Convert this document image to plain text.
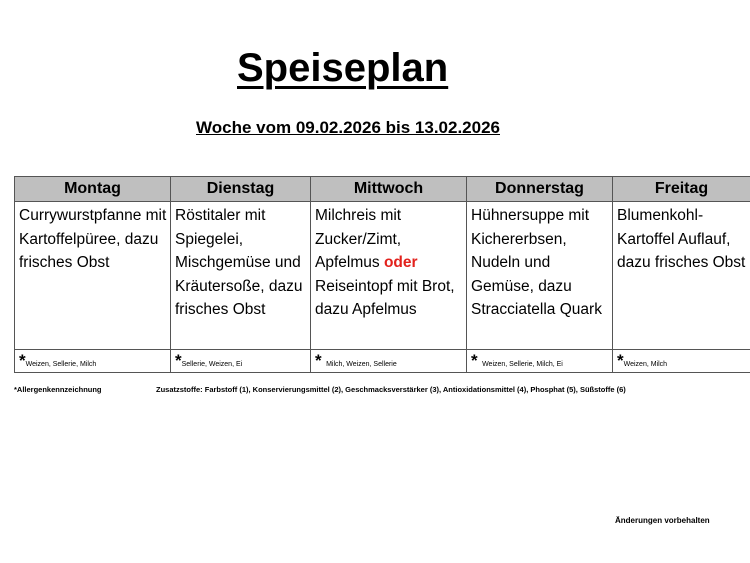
Speiseplan
Woche vom 09.02.2026 bis 13.02.2026
Montag	Dienstag	Mittwoch	Donnerstag	Freitag
Currywurstpfanne mit Kartoffelpüree, dazu frisches Obst	Röstitaler mit Spiegelei, Mischgemüse und Kräutersoße, dazu frisches Obst	Milchreis mit Zucker/Zimt, Apfelmus oder Reiseintopf mit Brot, dazu Apfelmus	Hühnersuppe mit Kichererbsen, Nudeln und Gemüse, dazu Stracciatella Quark	Blumenkohl-Kartoffel Auflauf, dazu frisches Obst
*Weizen, Sellerie, Milch	*Sellerie, Weizen, Ei	* Milch, Weizen, Sellerie	* Weizen, Sellerie, Milch, Ei	*Weizen, Milch
*Allergenkennzeichnung	Zusatzstoffe: Farbstoff (1), Konservierungsmittel (2), Geschmacksverstärker (3), Antioxidationsmittel (4), Phosphat (5), Süßstoffe (6)
Änderungen vorbehalten
